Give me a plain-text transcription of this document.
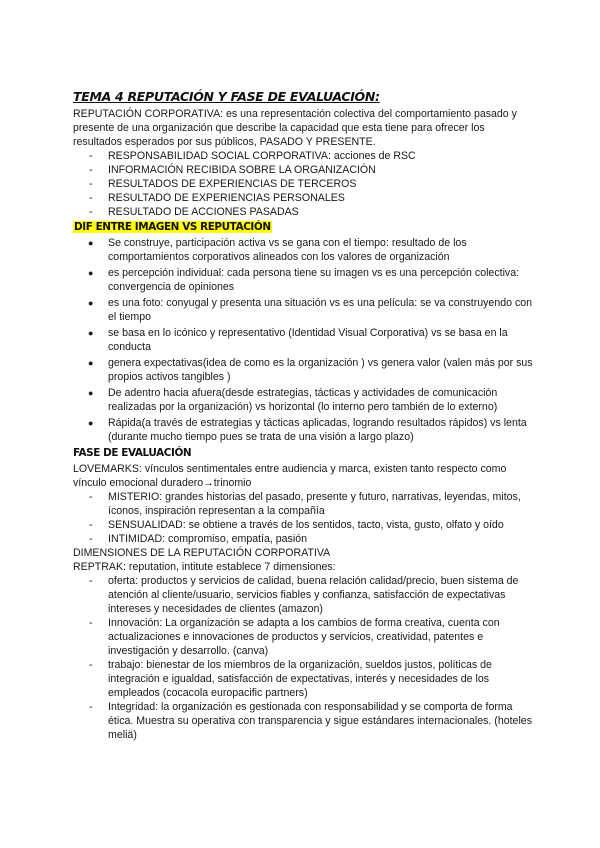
TEMA 4 REPUTACIÓN Y FASE DE EVALUACIÓN:

REPUTACIÓN CORPORATIVA: es una representación colectiva del comportamiento pasado y presente de una organización que describe la capacidad que esta tiene para ofrecer los resultados esperados por sus públicos, PASADO Y PRESENTE.

- RESPONSABILIDAD SOCIAL CORPORATIVA: acciones de RSC
- INFORMACIÓN RECIBIDA SOBRE LA ORGANIZACIÓN
- RESULTADOS DE EXPERIENCIAS DE TERCEROS
- RESULTADO DE EXPERIENCIAS PERSONALES
- RESULTADO DE ACCIONES PASADAS
DIF ENTRE IMAGEN VS REPUTACIÓN
● Se construye, participación activa vs se gana con el tiempo: resultado de los comportamientos corporativos alineados con los valores de organización
● es percepción individual: cada persona tiene su imagen vs es una percepción colectiva: convergencia de opiniones
● es una foto: conyugal y presenta una situación vs es una película: se va construyendo con el tiempo
● se basa en lo icónico y representativo (Identidad Visual Corporativa) vs se basa en la conducta
● genera expectativas(idea de como es la organización ) vs genera valor (valen más por sus propios activos tangibles )
● De adentro hacia afuera(desde estrategias, tácticas y actividades de comunicación realizadas por la organización) vs horizontal (lo interno pero también de lo externo)
● Rápida(a través de estrategias y tácticas aplicadas, logrando resultados rápidos) vs lenta (durante mucho tiempo pues se trata de una visión a largo plazo)
FASE DE EVALUACIÓN

LOVEMARKS: vínculos sentimentales entre audiencia y marca, existen tanto respecto como vínculo emocional duradero→trinomio

- MISTERIO: grandes historias del pasado, presente y futuro, narrativas, leyendas, mitos, íconos, inspiración representan a la compañía
- SENSUALIDAD: se obtiene a través de los sentidos, tacto, vista, gusto, olfato y oído
- INTIMIDAD: compromiso, empatía, pasión

DIMENSIONES DE LA REPUTACIÓN CORPORATIVA

REPTRAK: reputation, intitute establece 7 dimensiones:

- oferta: productos y servicios de calidad, buena relación calidad/precio, buen sistema de atención al cliente/usuario, servicios fiables y confianza, satisfacción de expectativas intereses y necesidades de clientes (amazon)
- Innovación: La organización se adapta a los cambios de forma creativa, cuenta con actualizaciones e innovaciones de productos y servicios, creatividad, patentes e investigación y desarrollo. (canva)
- trabajo: bienestar de los miembros de la organización, sueldos justos, políticas de integración e igualdad, satisfacción de expectativas, interés y necesidades de los empleados (cocacola europacific partners)
- Integridad: la organización es gestionada con responsabilidad y se comporta de forma ética. Muestra su operativa con transparencia y sigue estándares internacionales. (hoteles meliä)
